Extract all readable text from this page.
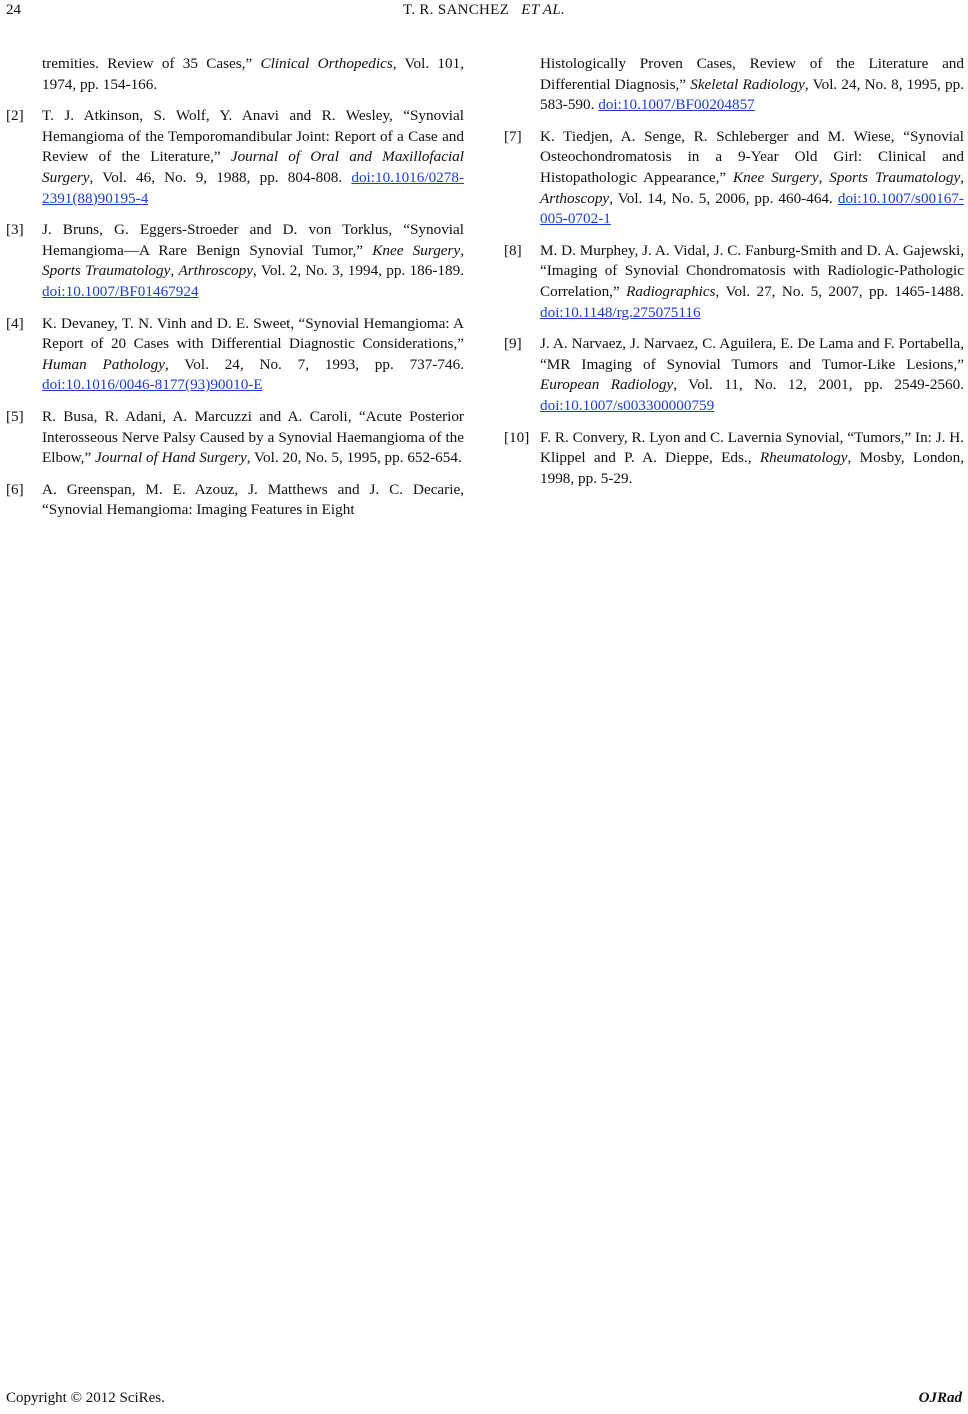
24	T. R. SANCHEZ ET AL.
tremities. Review of 35 Cases,” Clinical Orthopedics, Vol. 101, 1974, pp. 154-166.
[2] T. J. Atkinson, S. Wolf, Y. Anavi and R. Wesley, “Synovial Hemangioma of the Temporomandibular Joint: Report of a Case and Review of the Literature,” Journal of Oral and Maxillofacial Surgery, Vol. 46, No. 9, 1988, pp. 804-808. doi:10.1016/0278-2391(88)90195-4
[3] J. Bruns, G. Eggers-Stroeder and D. von Torklus, “Synovial Hemangioma—A Rare Benign Synovial Tumor,” Knee Surgery, Sports Traumatology, Arthroscopy, Vol. 2, No. 3, 1994, pp. 186-189. doi:10.1007/BF01467924
[4] K. Devaney, T. N. Vinh and D. E. Sweet, “Synovial Hemangioma: A Report of 20 Cases with Differential Diagnostic Considerations,” Human Pathology, Vol. 24, No. 7, 1993, pp. 737-746. doi:10.1016/0046-8177(93)90010-E
[5] R. Busa, R. Adani, A. Marcuzzi and A. Caroli, “Acute Posterior Interosseous Nerve Palsy Caused by a Synovial Haemangioma of the Elbow,” Journal of Hand Surgery, Vol. 20, No. 5, 1995, pp. 652-654.
[6] A. Greenspan, M. E. Azouz, J. Matthews and J. C. Decarie, “Synovial Hemangioma: Imaging Features in Eight
Histologically Proven Cases, Review of the Literature and Differential Diagnosis,” Skeletal Radiology, Vol. 24, No. 8, 1995, pp. 583-590. doi:10.1007/BF00204857
[7] K. Tiedjen, A. Senge, R. Schleberger and M. Wiese, “Synovial Osteochondromatosis in a 9-Year Old Girl: Clinical and Histopathologic Appearance,” Knee Surgery, Sports Traumatology, Arthoscopy, Vol. 14, No. 5, 2006, pp. 460-464. doi:10.1007/s00167-005-0702-1
[8] M. D. Murphey, J. A. Vidal, J. C. Fanburg-Smith and D. A. Gajewski, “Imaging of Synovial Chondromatosis with Radiologic-Pathologic Correlation,” Radiographics, Vol. 27, No. 5, 2007, pp. 1465-1488. doi:10.1148/rg.275075116
[9] J. A. Narvaez, J. Narvaez, C. Aguilera, E. De Lama and F. Portabella, “MR Imaging of Synovial Tumors and Tumor-Like Lesions,” European Radiology, Vol. 11, No. 12, 2001, pp. 2549-2560. doi:10.1007/s003300000759
[10] F. R. Convery, R. Lyon and C. Lavernia Synovial, “Tumors,” In: J. H. Klippel and P. A. Dieppe, Eds., Rheumatology, Mosby, London, 1998, pp. 5-29.
Copyright © 2012 SciRes.	OJRad
